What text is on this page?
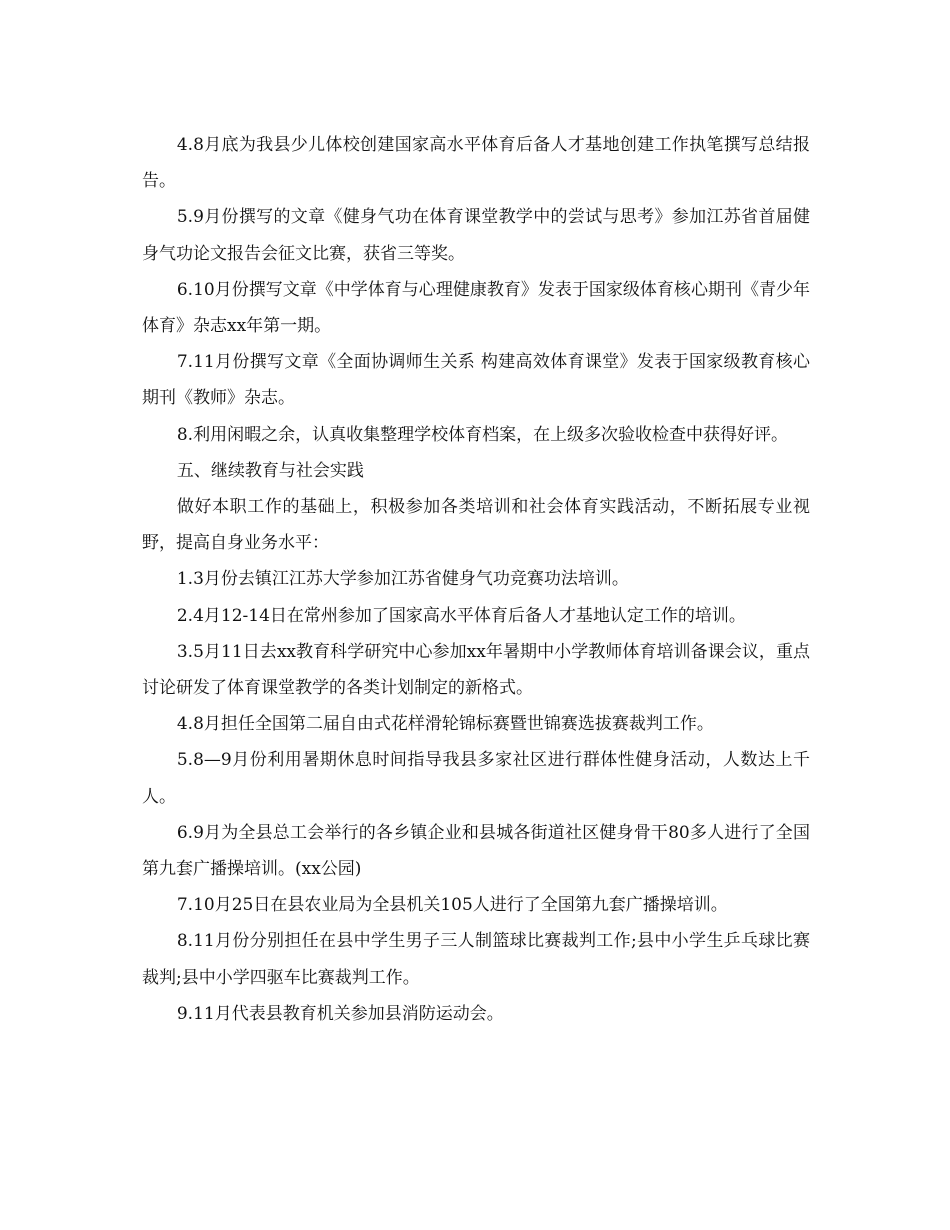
4.8月底为我县少儿体校创建国家高水平体育后备人才基地创建工作执笔撰写总结报告。

5.9月份撰写的文章《健身气功在体育课堂教学中的尝试与思考》参加江苏省首届健身气功论文报告会征文比赛，获省三等奖。

6.10月份撰写文章《中学体育与心理健康教育》发表于国家级体育核心期刊《青少年体育》杂志xx年第一期。

7.11月份撰写文章《全面协调师生关系 构建高效体育课堂》发表于国家级教育核心期刊《教师》杂志。

8.利用闲暇之余，认真收集整理学校体育档案，在上级多次验收检查中获得好评。

五、继续教育与社会实践

做好本职工作的基础上，积极参加各类培训和社会体育实践活动，不断拓展专业视野，提高自身业务水平：

1.3月份去镇江江苏大学参加江苏省健身气功竞赛功法培训。

2.4月12-14日在常州参加了国家高水平体育后备人才基地认定工作的培训。

3.5月11日去xx教育科学研究中心参加xx年暑期中小学教师体育培训备课会议，重点讨论研发了体育课堂教学的各类计划制定的新格式。

4.8月担任全国第二届自由式花样滑轮锦标赛暨世锦赛选拔赛裁判工作。

5.8—9月份利用暑期休息时间指导我县多家社区进行群体性健身活动，人数达上千人。

6.9月为全县总工会举行的各乡镇企业和县城各街道社区健身骨干80多人进行了全国第九套广播操培训。(xx公园)

7.10月25日在县农业局为全县机关105人进行了全国第九套广播操培训。

8.11月份分别担任在县中学生男子三人制篮球比赛裁判工作;县中小学生乒乓球比赛裁判;县中小学四驱车比赛裁判工作。

9.11月代表县教育机关参加县消防运动会。
